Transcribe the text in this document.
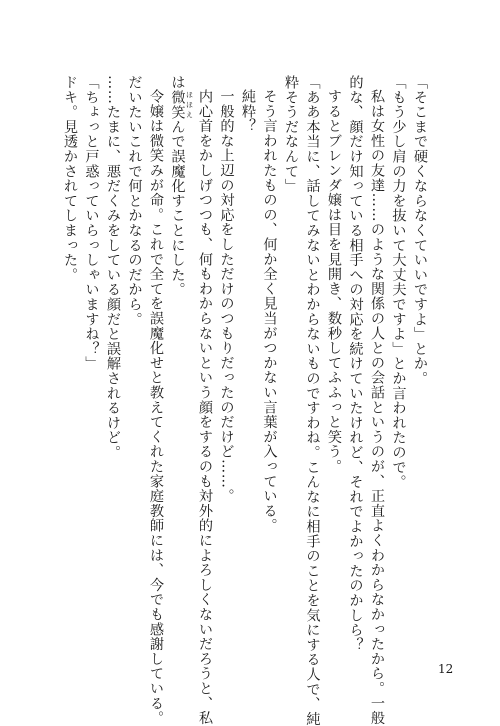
「そこまで硬くならなくていいですよ」とか。
「もう少し肩の力を抜いて大丈夫ですよ」とか言われたので。
私は女性の友達……のような関係の人との会話というのが、正直よくわからなかったから。一般
的な、顔だけ知っている相手への対応を続けていたけれど、それでよかったのかしら？
するとブレンダ嬢は目を見開き、数秒してふふっと笑う。
「ああ本当に、話してみないとわからないものですわね。こんなに相手のことを気にする人で、純
粋そうだなんて」
そう言われたものの、何か全く見当がつかない言葉が入っている。
純粋？
一般的な上辺の対応をしただけのつもりだったのだけど……。
内心首をかしげつつも、何もわからないという顔をするのも対外的によろしくないだろうと、私
は微笑 ほほえんで誤魔化すことにした。
令嬢は微笑みが命。これで全てを誤魔化せと教えてくれた家庭教師には、今でも感謝している。
だいたいこれで何とかなるのだから。
……たまに、悪だくみをしている顔だと誤解されるけど。
「ちょっと戸惑っていらっしゃいますね？」
ドキ。見透かされてしまった。
12
